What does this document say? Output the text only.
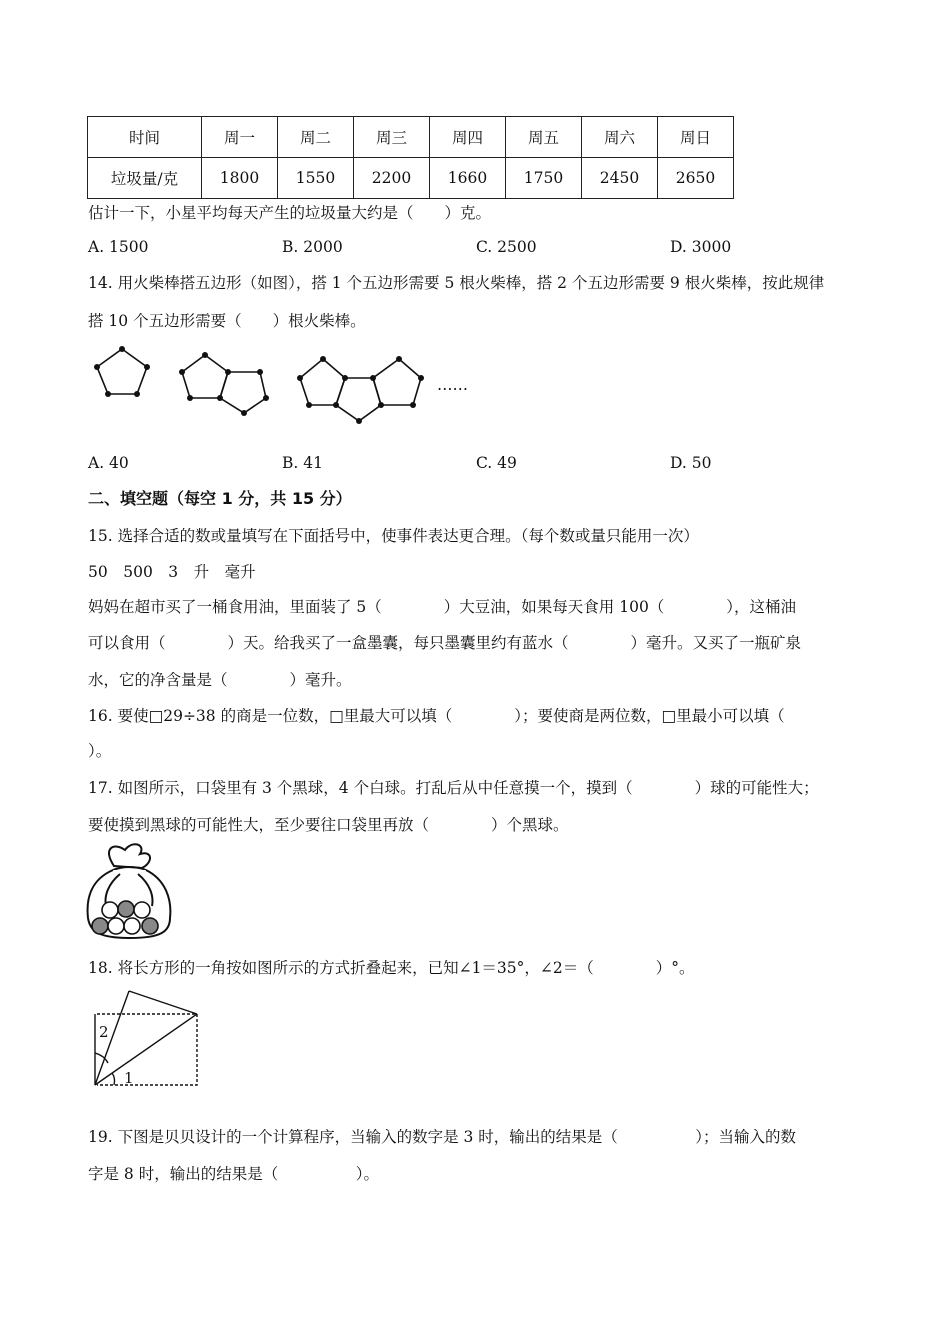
时间	周一	周二	周三	周四	周五	周六	周日
垃圾量/克	1800	1550	2200	1660	1750	2450	2650
估计一下，小星平均每天产生的垃圾量大约是（　　）克。
A. 1500	B. 2000	C. 2500	D. 3000
14. 用火柴棒搭五边形（如图），搭 1 个五边形需要 5 根火柴棒，搭 2 个五边形需要 9 根火柴棒，按此规律
搭 10 个五边形需要（　　）根火柴棒。
……
A. 40	B. 41	C. 49	D. 50
二、填空题（每空 1 分，共 15 分）
15. 选择合适的数或量填写在下面括号中，使事件表达更合理。（每个数或量只能用一次）
50　500　3　升　毫升
妈妈在超市买了一桶食用油，里面装了 5（　　　　）大豆油，如果每天食用 100（　　　　），这桶油
可以食用（　　　　）天。给我买了一盒墨囊，每只墨囊里约有蓝水（　　　　）毫升。又买了一瓶矿泉
水，它的净含量是（　　　　）毫升。
16. 要使□29÷38 的商是一位数，□里最大可以填（　　　　）；要使商是两位数，□里最小可以填（
）。
17. 如图所示，口袋里有 3 个黑球，4 个白球。打乱后从中任意摸一个，摸到（　　　　）球的可能性大；
要使摸到黑球的可能性大，至少要往口袋里再放（　　　　）个黑球。
18. 将长方形的一角按如图所示的方式折叠起来，已知∠1＝35°，∠2＝（　　　　）°。
1
2
19. 下图是贝贝设计的一个计算程序，当输入的数字是 3 时，输出的结果是（　　　　　）；当输入的数
字是 8 时，输出的结果是（　　　　　）。
